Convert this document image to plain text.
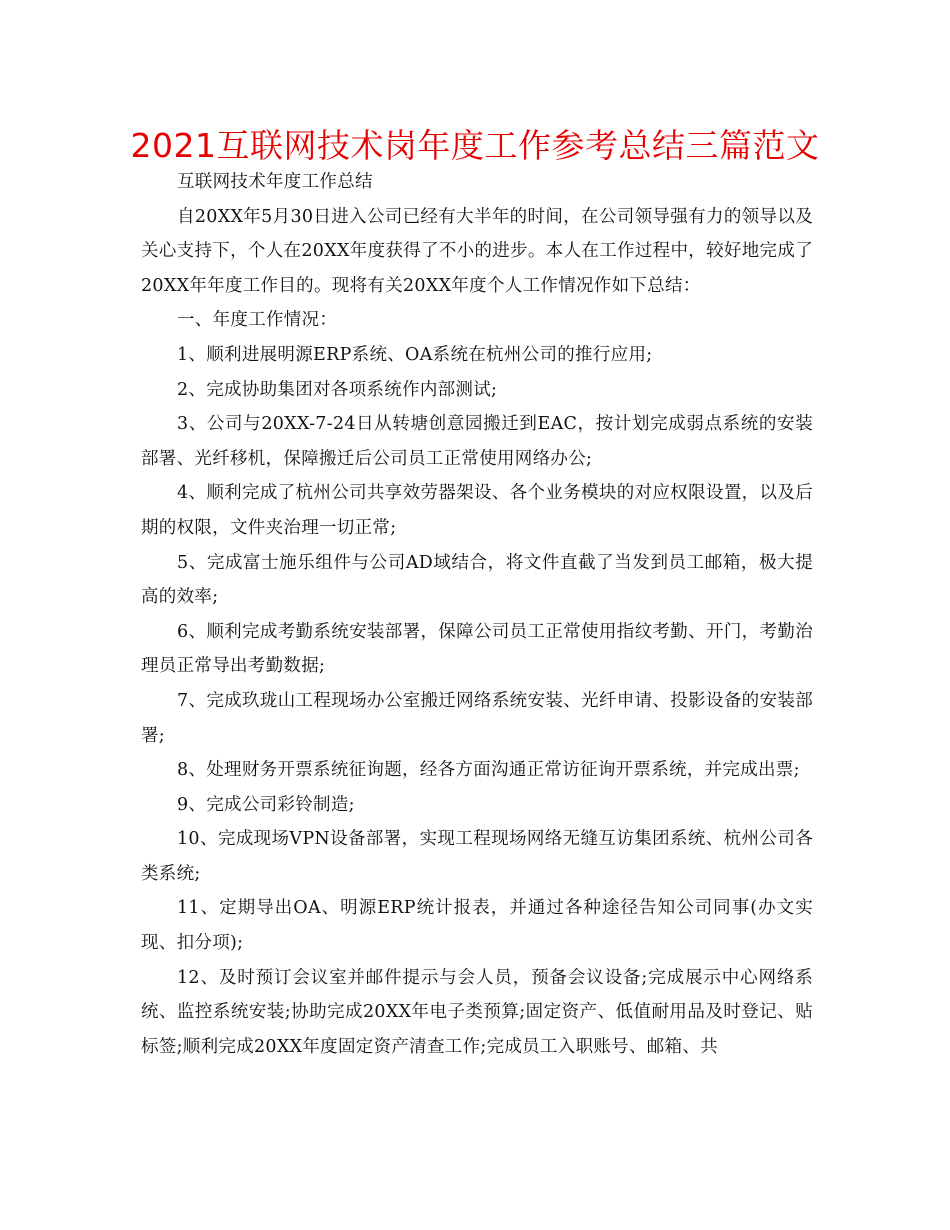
2021互联网技术岗年度工作参考总结三篇范文

互联网技术年度工作总结

自20XX年5月30日进入公司已经有大半年的时间，在公司领导强有力的领导以及关心支持下，个人在20XX年度获得了不小的进步。本人在工作过程中，较好地完成了20XX年年度工作目的。现将有关20XX年度个人工作情况作如下总结：

一、年度工作情况：

1、顺利进展明源ERP系统、OA系统在杭州公司的推行应用;

2、完成协助集团对各项系统作内部测试;

3、公司与20XX-7-24日从转塘创意园搬迁到EAC，按计划完成弱点系统的安装部署、光纤移机，保障搬迁后公司员工正常使用网络办公;

4、顺利完成了杭州公司共享效劳器架设、各个业务模块的对应权限设置，以及后期的权限，文件夹治理一切正常;

5、完成富士施乐组件与公司AD域结合，将文件直截了当发到员工邮箱，极大提高的效率;

6、顺利完成考勤系统安装部署，保障公司员工正常使用指纹考勤、开门，考勤治理员正常导出考勤数据;

7、完成玖珑山工程现场办公室搬迁网络系统安装、光纤申请、投影设备的安装部署;

8、处理财务开票系统征询题，经各方面沟通正常访征询开票系统，并完成出票;

9、完成公司彩铃制造;

10、完成现场VPN设备部署，实现工程现场网络无缝互访集团系统、杭州公司各类系统;

11、定期导出OA、明源ERP统计报表，并通过各种途径告知公司同事(办文实现、扣分项);

12、及时预订会议室并邮件提示与会人员，预备会议设备;完成展示中心网络系统、监控系统安装;协助完成20XX年电子类预算;固定资产、低值耐用品及时登记、贴标签;顺利完成20XX年度固定资产清查工作;完成员工入职账号、邮箱、共
